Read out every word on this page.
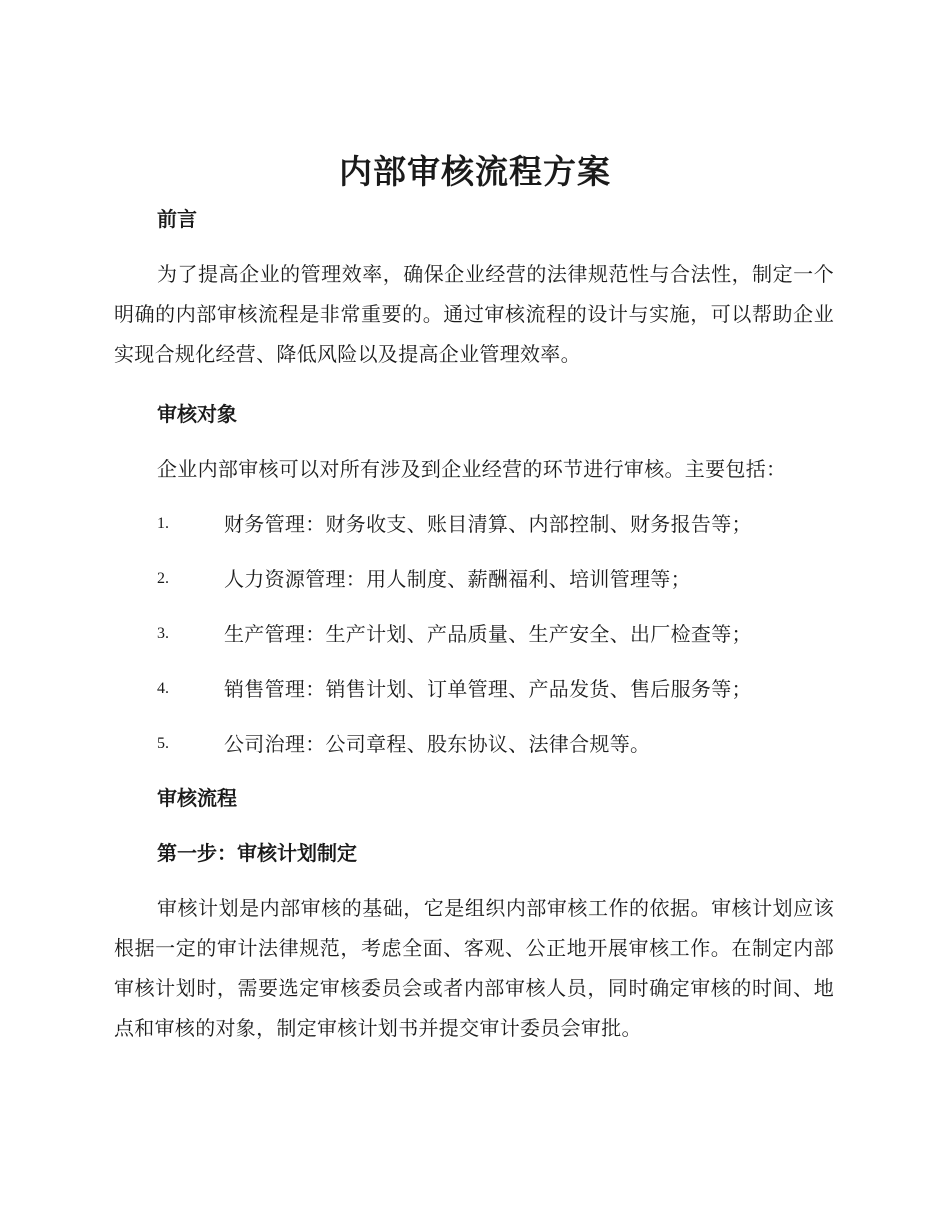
内部审核流程方案
前言

为了提高企业的管理效率，确保企业经营的法律规范性与合法性，制定一个明确的内部审核流程是非常重要的。通过审核流程的设计与实施，可以帮助企业实现合规化经营、降低风险以及提高企业管理效率。

审核对象
企业内部审核可以对所有涉及到企业经营的环节进行审核。主要包括：
1.	财务管理：财务收支、账目清算、内部控制、财务报告等；
2.	人力资源管理：用人制度、薪酬福利、培训管理等；
3.	生产管理：生产计划、产品质量、生产安全、出厂检查等；
4.	销售管理：销售计划、订单管理、产品发货、售后服务等；
5.	公司治理：公司章程、股东协议、法律合规等。
审核流程
第一步：审核计划制定

审核计划是内部审核的基础，它是组织内部审核工作的依据。审核计划应该根据一定的审计法律规范，考虑全面、客观、公正地开展审核工作。在制定内部审核计划时，需要选定审核委员会或者内部审核人员，同时确定审核的时间、地点和审核的对象，制定审核计划书并提交审计委员会审批。
